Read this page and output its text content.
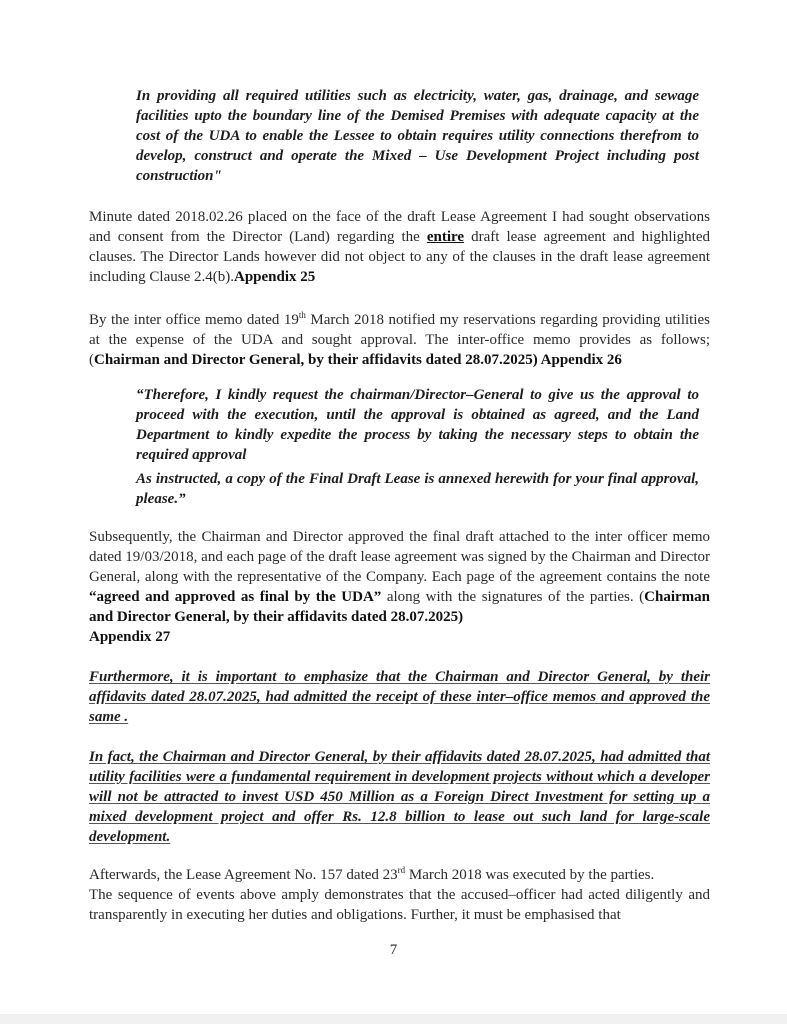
In providing all required utilities such as electricity, water, gas, drainage, and sewage facilities upto the boundary line of the Demised Premises with adequate capacity at the cost of the UDA to enable the Lessee to obtain requires utility connections therefrom to develop, construct and operate the Mixed – Use Development Project including post construction"

Minute dated 2018.02.26 placed on the face of the draft Lease Agreement I had sought observations and consent from the Director (Land) regarding the entire draft lease agreement and highlighted clauses. The Director Lands however did not object to any of the clauses in the draft lease agreement including Clause 2.4(b).Appendix 25

By the inter office memo dated 19th March 2018 notified my reservations regarding providing utilities at the expense of the UDA and sought approval. The inter-office memo provides as follows; (Chairman and Director General, by their affidavits dated 28.07.2025) Appendix 26

“Therefore, I kindly request the chairman/Director–General to give us the approval to proceed with the execution, until the approval is obtained as agreed, and the Land Department to kindly expedite the process by taking the necessary steps to obtain the required approval
As instructed, a copy of the Final Draft Lease is annexed herewith for your final approval, please.”

Subsequently, the Chairman and Director approved the final draft attached to the inter officer memo dated 19/03/2018, and each page of the draft lease agreement was signed by the Chairman and Director General, along with the representative of the Company. Each page of the agreement contains the note “agreed and approved as final by the UDA” along with the signatures of the parties. (Chairman and Director General, by their affidavits dated 28.07.2025)
Appendix 27

Furthermore, it is important to emphasize that the Chairman and Director General, by their affidavits dated 28.07.2025, had admitted the receipt of these inter–office memos and approved the same .

In fact, the Chairman and Director General, by their affidavits dated 28.07.2025, had admitted that utility facilities were a fundamental requirement in development projects without which a developer will not be attracted to invest USD 450 Million as a Foreign Direct Investment for setting up a mixed development project and offer Rs. 12.8 billion to lease out such land for large-scale development.

Afterwards, the Lease Agreement No. 157 dated 23rd March 2018 was executed by the parties.
The sequence of events above amply demonstrates that the accused–officer had acted diligently and transparently in executing her duties and obligations. Further, it must be emphasised that

7
